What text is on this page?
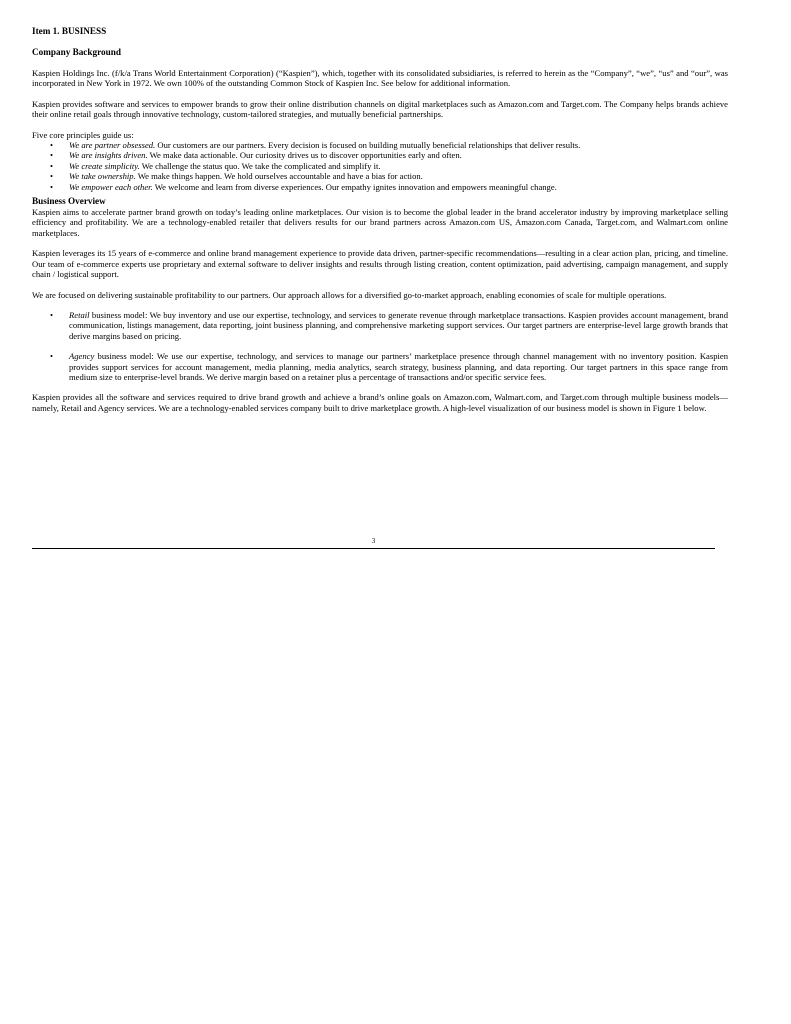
Item 1. BUSINESS

Company Background

Kaspien Holdings Inc. (f/k/a Trans World Entertainment Corporation) (“Kaspien”), which, together with its consolidated subsidiaries, is referred to herein as the “Company”, “we”, “us” and “our”, was incorporated in New York in 1972. We own 100% of the outstanding Common Stock of Kaspien Inc. See below for additional information.

Kaspien provides software and services to empower brands to grow their online distribution channels on digital marketplaces such as Amazon.com and Target.com. The Company helps brands achieve their online retail goals through innovative technology, custom-tailored strategies, and mutually beneficial partnerships.

Five core principles guide us:

• We are partner obsessed. Our customers are our partners. Every decision is focused on building mutually beneficial relationships that deliver results.
• We are insights driven. We make data actionable. Our curiosity drives us to discover opportunities early and often.
• We create simplicity. We challenge the status quo. We take the complicated and simplify it.
• We take ownership. We make things happen. We hold ourselves accountable and have a bias for action.
• We empower each other. We welcome and learn from diverse experiences. Our empathy ignites innovation and empowers meaningful change.

Business Overview

Kaspien aims to accelerate partner brand growth on today’s leading online marketplaces. Our vision is to become the global leader in the brand accelerator industry by improving marketplace selling efficiency and profitability. We are a technology-enabled retailer that delivers results for our brand partners across Amazon.com US, Amazon.com Canada, Target.com, and Walmart.com online marketplaces.

Kaspien leverages its 15 years of e-commerce and online brand management experience to provide data driven, partner-specific recommendations—resulting in a clear action plan, pricing, and timeline. Our team of e-commerce experts use proprietary and external software to deliver insights and results through listing creation, content optimization, paid advertising, campaign management, and supply chain / logistical support.

We are focused on delivering sustainable profitability to our partners. Our approach allows for a diversified go-to-market approach, enabling economies of scale for multiple operations.

• Retail business model: We buy inventory and use our expertise, technology, and services to generate revenue through marketplace transactions. Kaspien provides account management, brand communication, listings management, data reporting, joint business planning, and comprehensive marketing support services. Our target partners are enterprise-level large growth brands that derive margins based on pricing.
• Agency business model: We use our expertise, technology, and services to manage our partners’ marketplace presence through channel management with no inventory position. Kaspien provides support services for account management, media planning, media analytics, search strategy, business planning, and data reporting. Our target partners in this space range from medium size to enterprise-level brands. We derive margin based on a retainer plus a percentage of transactions and/or specific service fees.

Kaspien provides all the software and services required to drive brand growth and achieve a brand’s online goals on Amazon.com, Walmart.com, and Target.com through multiple business models—namely, Retail and Agency services. We are a technology-enabled services company built to drive marketplace growth. A high-level visualization of our business model is shown in Figure 1 below.

3
